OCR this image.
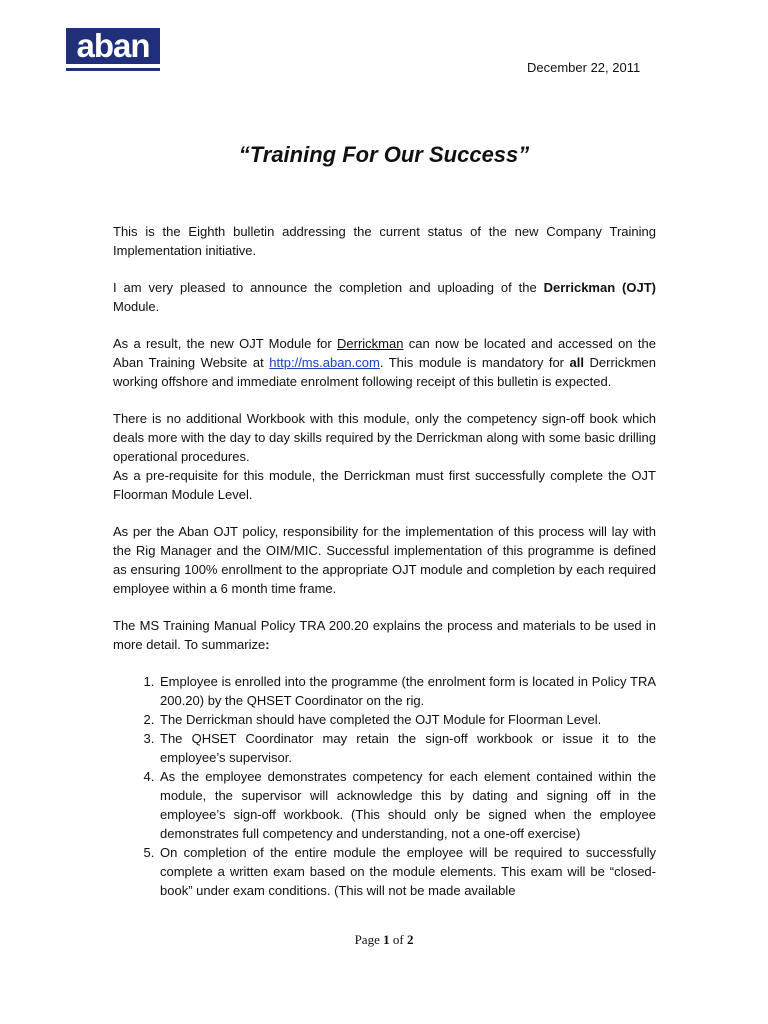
aban
December 22, 2011
“Training For Our Success”

This is the Eighth bulletin addressing the current status of the new Company Training Implementation initiative.

I am very pleased to announce the completion and uploading of the Derrickman (OJT) Module.

As a result, the new OJT Module for Derrickman can now be located and accessed on the Aban Training Website at http://ms.aban.com. This module is mandatory for all Derrickmen working offshore and immediate enrolment following receipt of this bulletin is expected.

There is no additional Workbook with this module, only the competency sign-off book which deals more with the day to day skills required by the Derrickman along with some basic drilling operational procedures.

As a pre-requisite for this module, the Derrickman must first successfully complete the OJT Floorman Module Level.

As per the Aban OJT policy, responsibility for the implementation of this process will lay with the Rig Manager and the OIM/MIC. Successful implementation of this programme is defined as ensuring 100% enrollment to the appropriate OJT module and completion by each required employee within a 6 month time frame.

The MS Training Manual Policy TRA 200.20 explains the process and materials to be used in more detail. To summarize:

1. Employee is enrolled into the programme (the enrolment form is located in Policy TRA 200.20) by the QHSET Coordinator on the rig.
2. The Derrickman should have completed the OJT Module for Floorman Level.
3. The QHSET Coordinator may retain the sign-off workbook or issue it to the employee’s supervisor.
4. As the employee demonstrates competency for each element contained within the module, the supervisor will acknowledge this by dating and signing off in the employee’s sign-off workbook. (This should only be signed when the employee demonstrates full competency and understanding, not a one-off exercise)
5. On completion of the entire module the employee will be required to successfully complete a written exam based on the module elements. This exam will be “closed-book” under exam conditions. (This will not be made available
Page 1 of 2
